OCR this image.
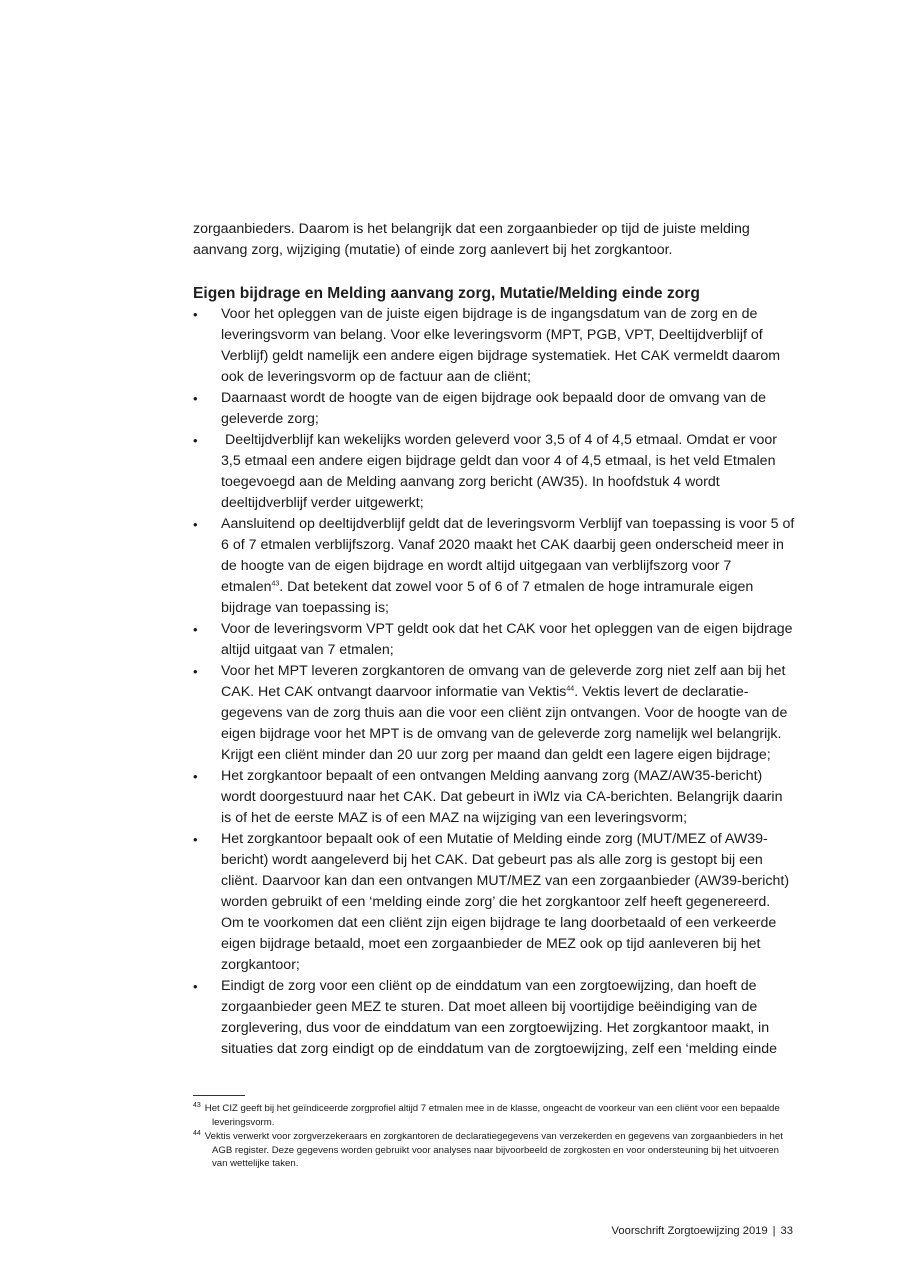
zorgaanbieders. Daarom is het belangrijk dat een zorgaanbieder op tijd de juiste melding aanvang zorg, wijziging (mutatie) of einde zorg aanlevert bij het zorgkantoor.

Eigen bijdrage en Melding aanvang zorg, Mutatie/Melding einde zorg
•	Voor het opleggen van de juiste eigen bijdrage is de ingangsdatum van de zorg en de leveringsvorm van belang. Voor elke leveringsvorm (MPT, PGB, VPT, Deeltijdverblijf of Verblijf) geldt namelijk een andere eigen bijdrage systematiek. Het CAK vermeldt daarom ook de leveringsvorm op de factuur aan de cliënt;
•	Daarnaast wordt de hoogte van de eigen bijdrage ook bepaald door de omvang van de geleverde zorg;
•	Deeltijdverblijf kan wekelijks worden geleverd voor 3,5 of 4 of 4,5 etmaal. Omdat er voor 3,5 etmaal een andere eigen bijdrage geldt dan voor 4 of 4,5 etmaal, is het veld Etmalen toegevoegd aan de Melding aanvang zorg bericht (AW35). In hoofdstuk 4 wordt deeltijdverblijf verder uitgewerkt;
•	Aansluitend op deeltijdverblijf geldt dat de leveringsvorm Verblijf van toepassing is voor 5 of 6 of 7 etmalen verblijfszorg. Vanaf 2020 maakt het CAK daarbij geen onderscheid meer in de hoogte van de eigen bijdrage en wordt altijd uitgegaan van verblijfszorg voor 7 etmalen$^{43}$. Dat betekent dat zowel voor 5 of 6 of 7 etmalen de hoge intramurale eigen bijdrage van toepassing is;
•	Voor de leveringsvorm VPT geldt ook dat het CAK voor het opleggen van de eigen bijdrage altijd uitgaat van 7 etmalen;
•	Voor het MPT leveren zorgkantoren de omvang van de geleverde zorg niet zelf aan bij het CAK. Het CAK ontvangt daarvoor informatie van Vektis$^{44}$. Vektis levert de declaratie-gegevens van de zorg thuis aan die voor een cliënt zijn ontvangen. Voor de hoogte van de eigen bijdrage voor het MPT is de omvang van de geleverde zorg namelijk wel belangrijk. Krijgt een cliënt minder dan 20 uur zorg per maand dan geldt een lagere eigen bijdrage;
•	Het zorgkantoor bepaalt of een ontvangen Melding aanvang zorg (MAZ/AW35-bericht) wordt doorgestuurd naar het CAK. Dat gebeurt in iWlz via CA-berichten. Belangrijk daarin is of het de eerste MAZ is of een MAZ na wijziging van een leveringsvorm;
•	Het zorgkantoor bepaalt ook of een Mutatie of Melding einde zorg (MUT/MEZ of AW39-bericht) wordt aangeleverd bij het CAK. Dat gebeurt pas als alle zorg is gestopt bij een cliënt. Daarvoor kan dan een ontvangen MUT/MEZ van een zorgaanbieder (AW39-bericht) worden gebruikt of een ‘melding einde zorg’ die het zorgkantoor zelf heeft gegenereerd. Om te voorkomen dat een cliënt zijn eigen bijdrage te lang doorbetaald of een verkeerde eigen bijdrage betaald, moet een zorgaanbieder de MEZ ook op tijd aanleveren bij het zorgkantoor;
•	Eindigt de zorg voor een cliënt op de einddatum van een zorgtoewijzing, dan hoeft de zorgaanbieder geen MEZ te sturen. Dat moet alleen bij voortijdige beëindiging van de zorglevering, dus voor de einddatum van een zorgtoewijzing. Het zorgkantoor maakt, in situaties dat zorg eindigt op de einddatum van de zorgtoewijzing, zelf een ‘melding einde
$^{43}$ Het CIZ geeft bij het geïndiceerde zorgprofiel altijd 7 etmalen mee in de klasse, ongeacht de voorkeur van een cliënt voor een bepaalde leveringsvorm.
$^{44}$ Vektis verwerkt voor zorgverzekeraars en zorgkantoren de declaratiegegevens van verzekerden en gegevens van zorgaanbieders in het AGB register. Deze gegevens worden gebruikt voor analyses naar bijvoorbeeld de zorgkosten en voor ondersteuning bij het uitvoeren van wettelijke taken.
Voorschrift Zorgtoewijzing 2019 | 33
